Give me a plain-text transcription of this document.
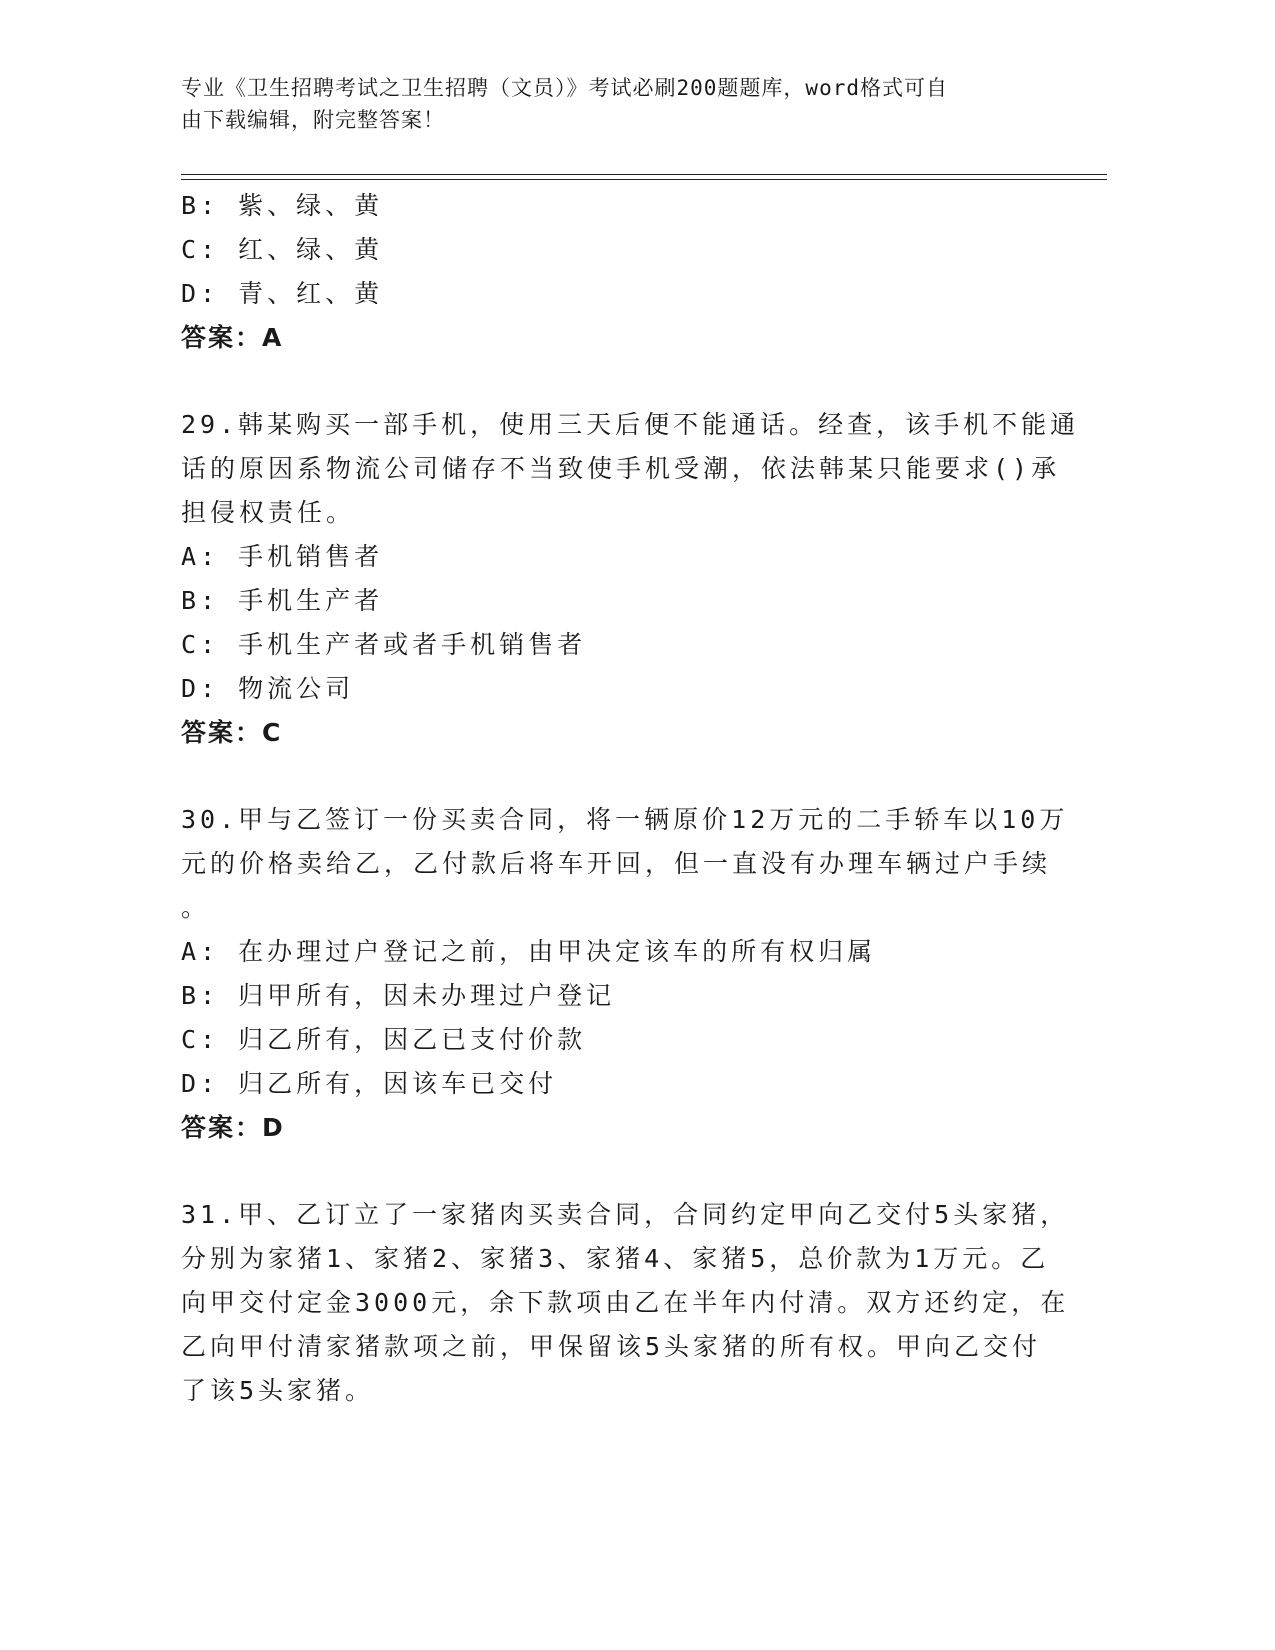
专业《卫生招聘考试之卫生招聘（文员）》考试必刷200题题库，word格式可自
由下载编辑，附完整答案！
B: 紫、绿、黄
C: 红、绿、黄
D: 青、红、黄
答案：A
29.韩某购买一部手机，使用三天后便不能通话。经查，该手机不能通
话的原因系物流公司储存不当致使手机受潮，依法韩某只能要求()承
担侵权责任。
A: 手机销售者
B: 手机生产者
C: 手机生产者或者手机销售者
D: 物流公司
答案：C
30.甲与乙签订一份买卖合同，将一辆原价12万元的二手轿车以10万
元的价格卖给乙，乙付款后将车开回，但一直没有办理车辆过户手续
。
A: 在办理过户登记之前，由甲决定该车的所有权归属
B: 归甲所有，因未办理过户登记
C: 归乙所有，因乙已支付价款
D: 归乙所有，因该车已交付
答案：D
31.甲、乙订立了一家猪肉买卖合同，合同约定甲向乙交付5头家猪，
分别为家猪1、家猪2、家猪3、家猪4、家猪5，总价款为1万元。乙
向甲交付定金3000元，余下款项由乙在半年内付清。双方还约定，在
乙向甲付清家猪款项之前，甲保留该5头家猪的所有权。甲向乙交付
了该5头家猪。
